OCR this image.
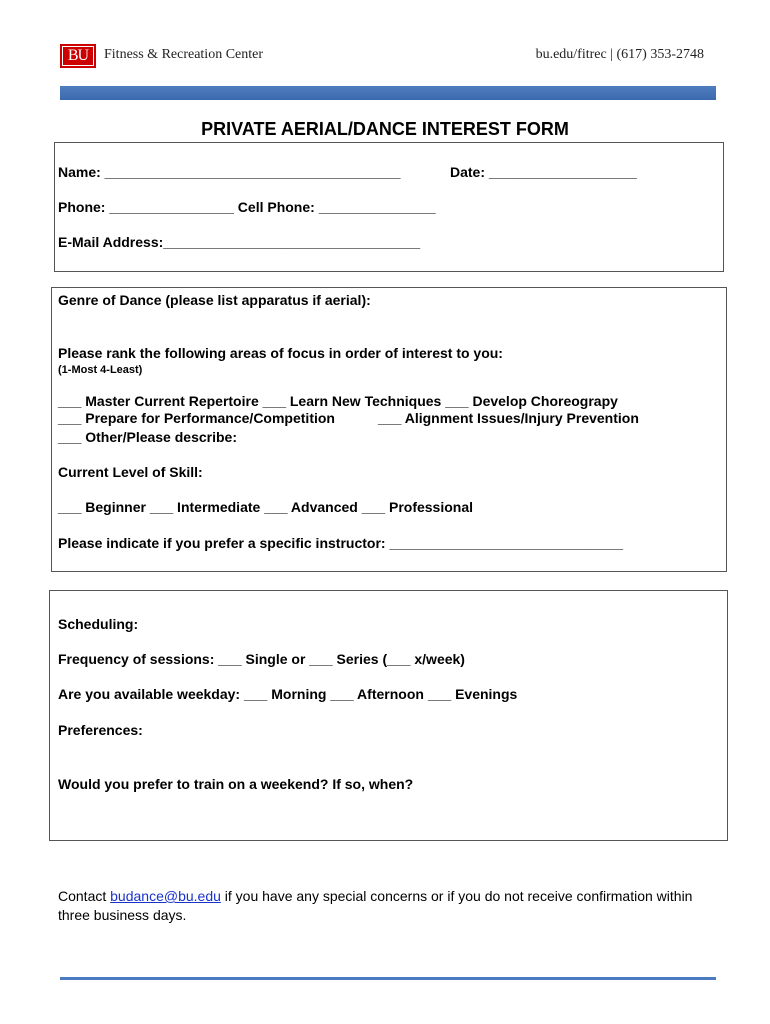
BU	Fitness & Recreation Center	bu.edu/fitrec | (617) 353-2748
PRIVATE AERIAL/DANCE INTEREST FORM
Name: ______________________________________	Date: ___________________
Phone: ________________ Cell Phone: _______________
E-Mail Address:_________________________________
Genre of Dance (please list apparatus if aerial):
Please rank the following areas of focus in order of interest to you:
(1-Most 4-Least)
___ Master Current Repertoire ___ Learn New Techniques ___ Develop Choreograpy
___ Prepare for Performance/Competition	___ Alignment Issues/Injury Prevention
___ Other/Please describe:
Current Level of Skill:
___ Beginner ___ Intermediate ___ Advanced ___ Professional
Please indicate if you prefer a specific instructor: ______________________________
Scheduling:
Frequency of sessions: ___ Single or ___ Series (___ x/week)
Are you available weekday: ___ Morning ___ Afternoon ___ Evenings
Preferences:
Would you prefer to train on a weekend? If so, when?
Contact budance@bu.edu if you have any special concerns or if you do not receive confirmation within three business days.
